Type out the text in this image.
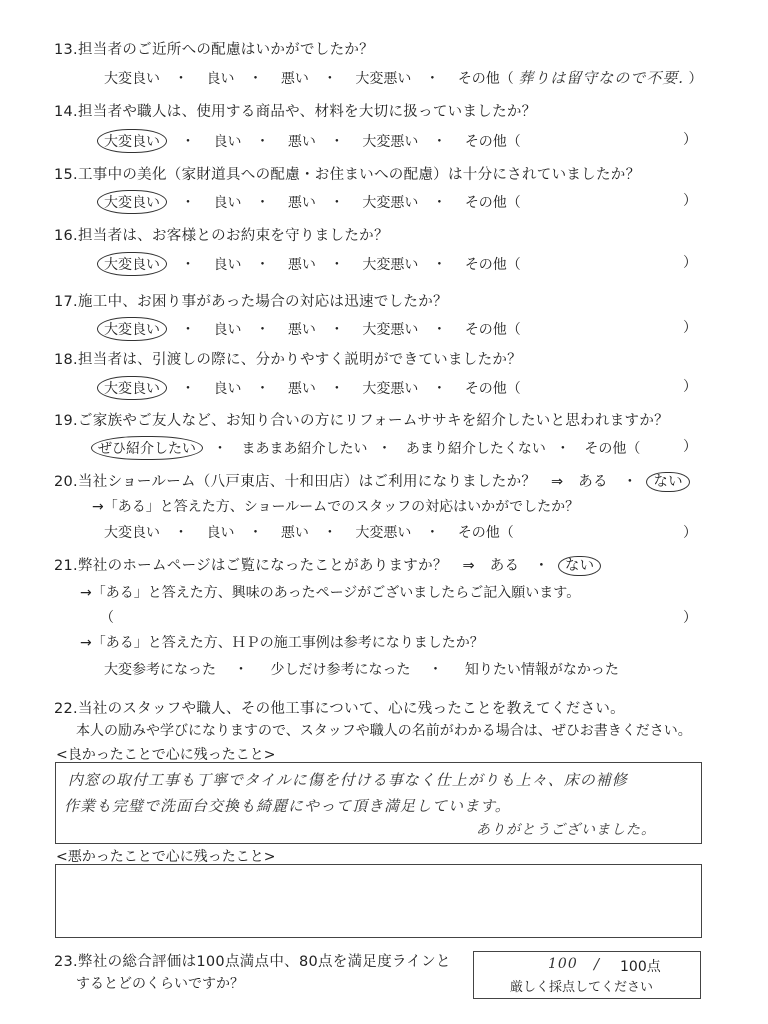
13.担当者のご近所への配慮はいかがでしたか？
大変良い ・ 良い ・ 悪い ・ 大変悪い ・ その他（ 葬りは留守なので不要. ）
14.担当者や職人は、使用する商品や、材料を大切に扱っていましたか？
大変良い ・ 良い ・ 悪い ・ 大変悪い ・ その他（	）
15.工事中の美化（家財道具への配慮・お住まいへの配慮）は十分にされていましたか？
大変良い ・ 良い ・ 悪い ・ 大変悪い ・ その他（	）
16.担当者は、お客様とのお約束を守りましたか？
大変良い ・ 良い ・ 悪い ・ 大変悪い ・ その他（	）
17.施工中、お困り事があった場合の対応は迅速でしたか？
大変良い ・ 良い ・ 悪い ・ 大変悪い ・ その他（	）
18.担当者は、引渡しの際に、分かりやすく説明ができていましたか？
大変良い ・ 良い ・ 悪い ・ 大変悪い ・ その他（	）
19.ご家族やご友人など、お知り合いの方にリフォームササキを紹介したいと思われますか？
ぜひ紹介したい ・ まあまあ紹介したい ・ あまり紹介したくない ・ その他（	）
20.当社ショールーム（八戸東店、十和田店）はご利用になりましたか？　⇒　ある　・ ない
→「ある」と答えた方、ショールームでのスタッフの対応はいかがでしたか？
大変良い ・ 良い ・ 悪い ・ 大変悪い ・ その他（	）
21.弊社のホームページはご覧になったことがありますか？　⇒　ある　・ ない
→「ある」と答えた方、興味のあったページがございましたらご記入願います。
（	）
→「ある」と答えた方、ＨＰの施工事例は参考になりましたか？
大変参考になった ・ 少しだけ参考になった ・ 知りたい情報がなかった
22.当社のスタッフや職人、その他工事について、心に残ったことを教えてください。
本人の励みや学びになりますので、スタッフや職人の名前がわかる場合は、ぜひお書きください。
<良かったことで心に残ったこと>
内窓の取付工事も丁寧でタイルに傷を付ける事なく仕上がりも上々、床の補修
作業も完璧で洗面台交換も綺麗にやって頂き満足しています。
ありがとうございました。
<悪かったことで心に残ったこと>
23.弊社の総合評価は100点満点中、80点を満足度ラインと
するとどのくらいですか？
100 / 100点
厳しく採点してください
